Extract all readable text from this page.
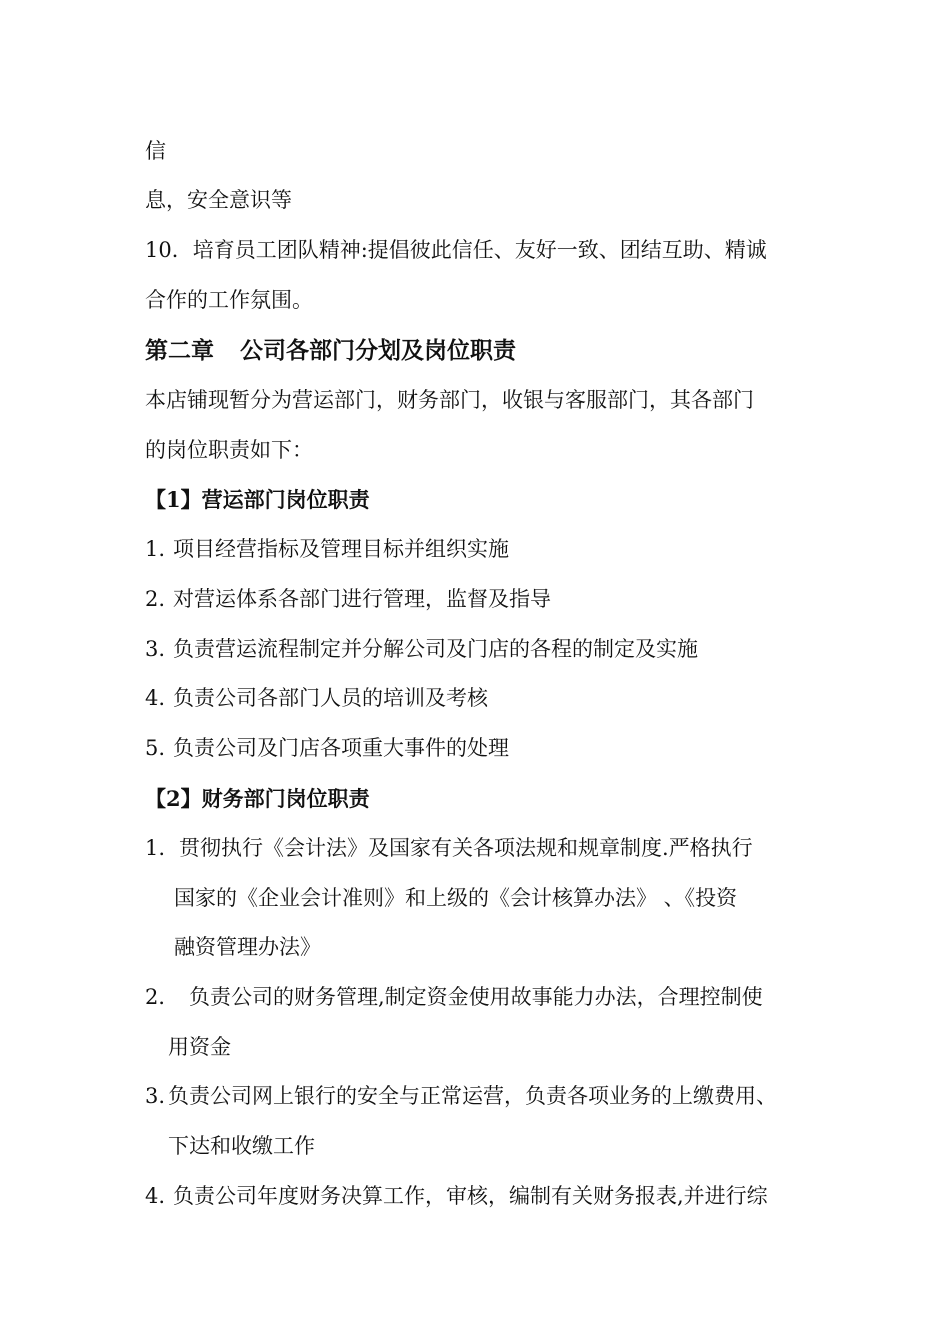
信
息，安全意识等
10．培育员工团队精神:提倡彼此信任、友好一致、团结互助、精诚
合作的工作氛围。
第二章 公司各部门分划及岗位职责
本店铺现暂分为营运部门，财务部门，收银与客服部门，其各部门
的岗位职责如下：
【1】营运部门岗位职责
1. 项目经营指标及管理目标并组织实施
2. 对营运体系各部门进行管理，监督及指导
3. 负责营运流程制定并分解公司及门店的各程的制定及实施
4. 负责公司各部门人员的培训及考核
5. 负责公司及门店各项重大事件的处理
【2】财务部门岗位职责
1. 贯彻执行《会计法》及国家有关各项法规和规章制度.严格执行
国家的《企业会计准则》和上级的《会计核算办法》 、《投资
融资管理办法》
2． 负责公司的财务管理,制定资金使用故事能力办法，合理控制使
用资金
3. 负责公司网上银行的安全与正常运营，负责各项业务的上缴费用、
下达和收缴工作
4. 负责公司年度财务决算工作，审核，编制有关财务报表,并进行综
